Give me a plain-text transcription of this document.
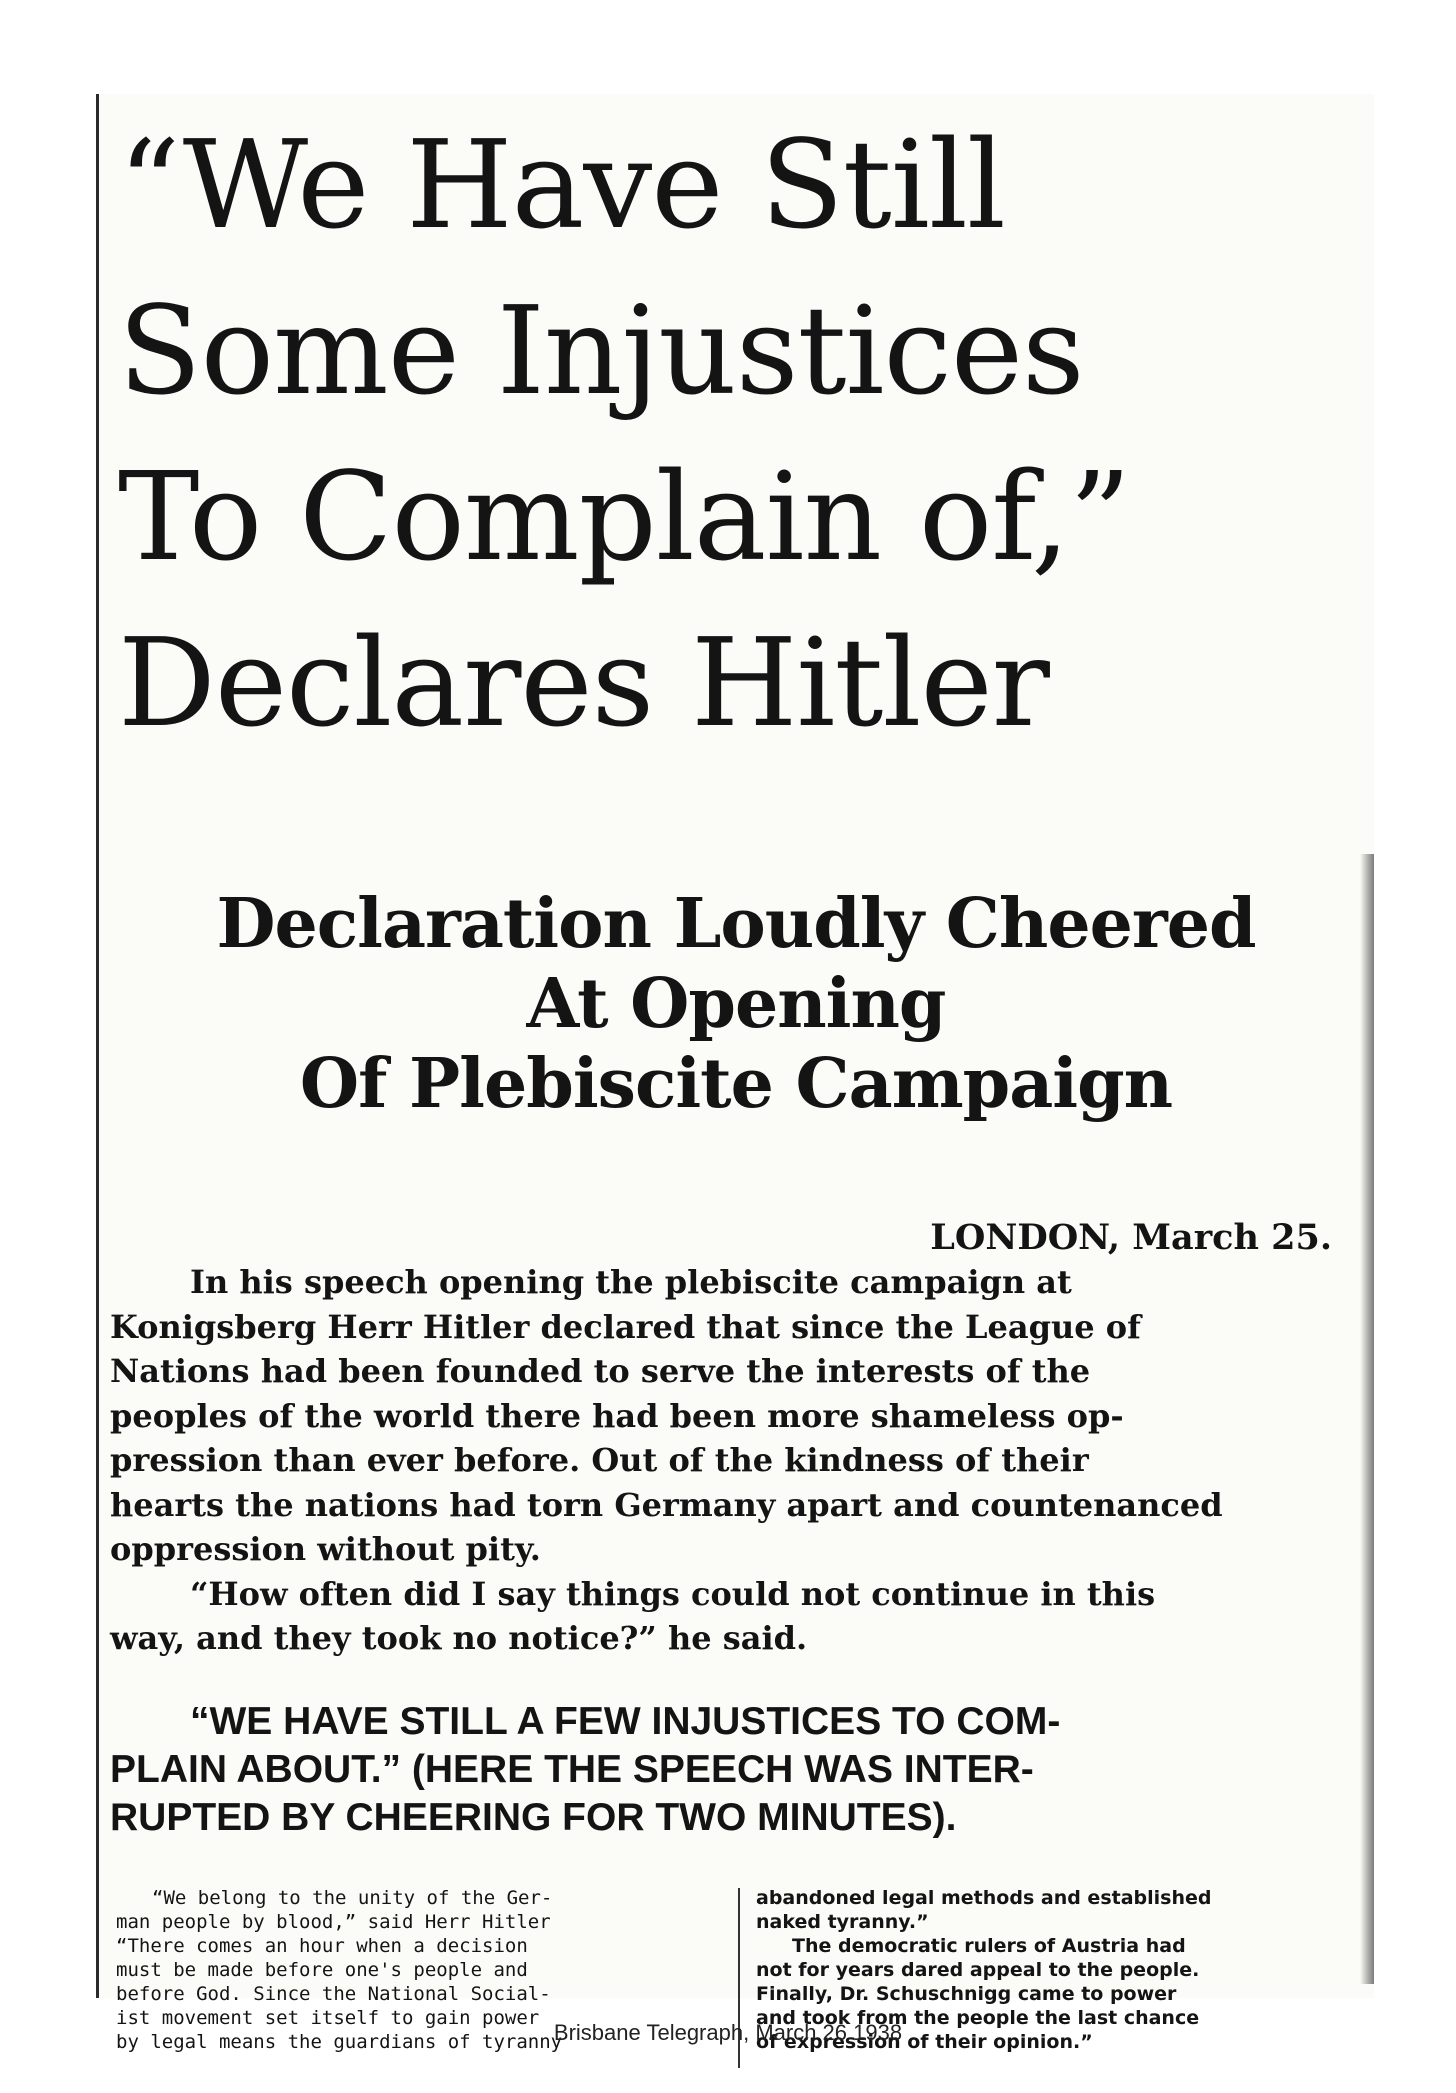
“We Have Still
Some Injustices
To Complain of,”
Declares Hitler
Declaration Loudly Cheered
At Opening
Of Plebiscite Campaign
LONDON, March 25.
In his speech opening the plebiscite campaign at
Konigsberg Herr Hitler declared that since the League of
Nations had been founded to serve the interests of the
peoples of the world there had been more shameless op-
pression than ever before. Out of the kindness of their
hearts the nations had torn Germany apart and countenanced
oppression without pity.
“How often did I say things could not continue in this
way, and they took no notice?” he said.
“WE HAVE STILL A FEW INJUSTICES TO COM-
PLAIN ABOUT.” (HERE THE SPEECH WAS INTER-
RUPTED BY CHEERING FOR TWO MINUTES).
“We belong to the unity of the Ger-
man people by blood,” said Herr Hitler
“There comes an hour when a decision
must be made before one's people and
before God. Since the National Social-
ist movement set itself to gain power
by legal means the guardians of tyranny
abandoned legal methods and established
naked tyranny.”
The democratic rulers of Austria had
not for years dared appeal to the people.
Finally, Dr. Schuschnigg came to power
and took from the people the last chance
of expression of their opinion.”
Brisbane Telegraph, March 26 1938
